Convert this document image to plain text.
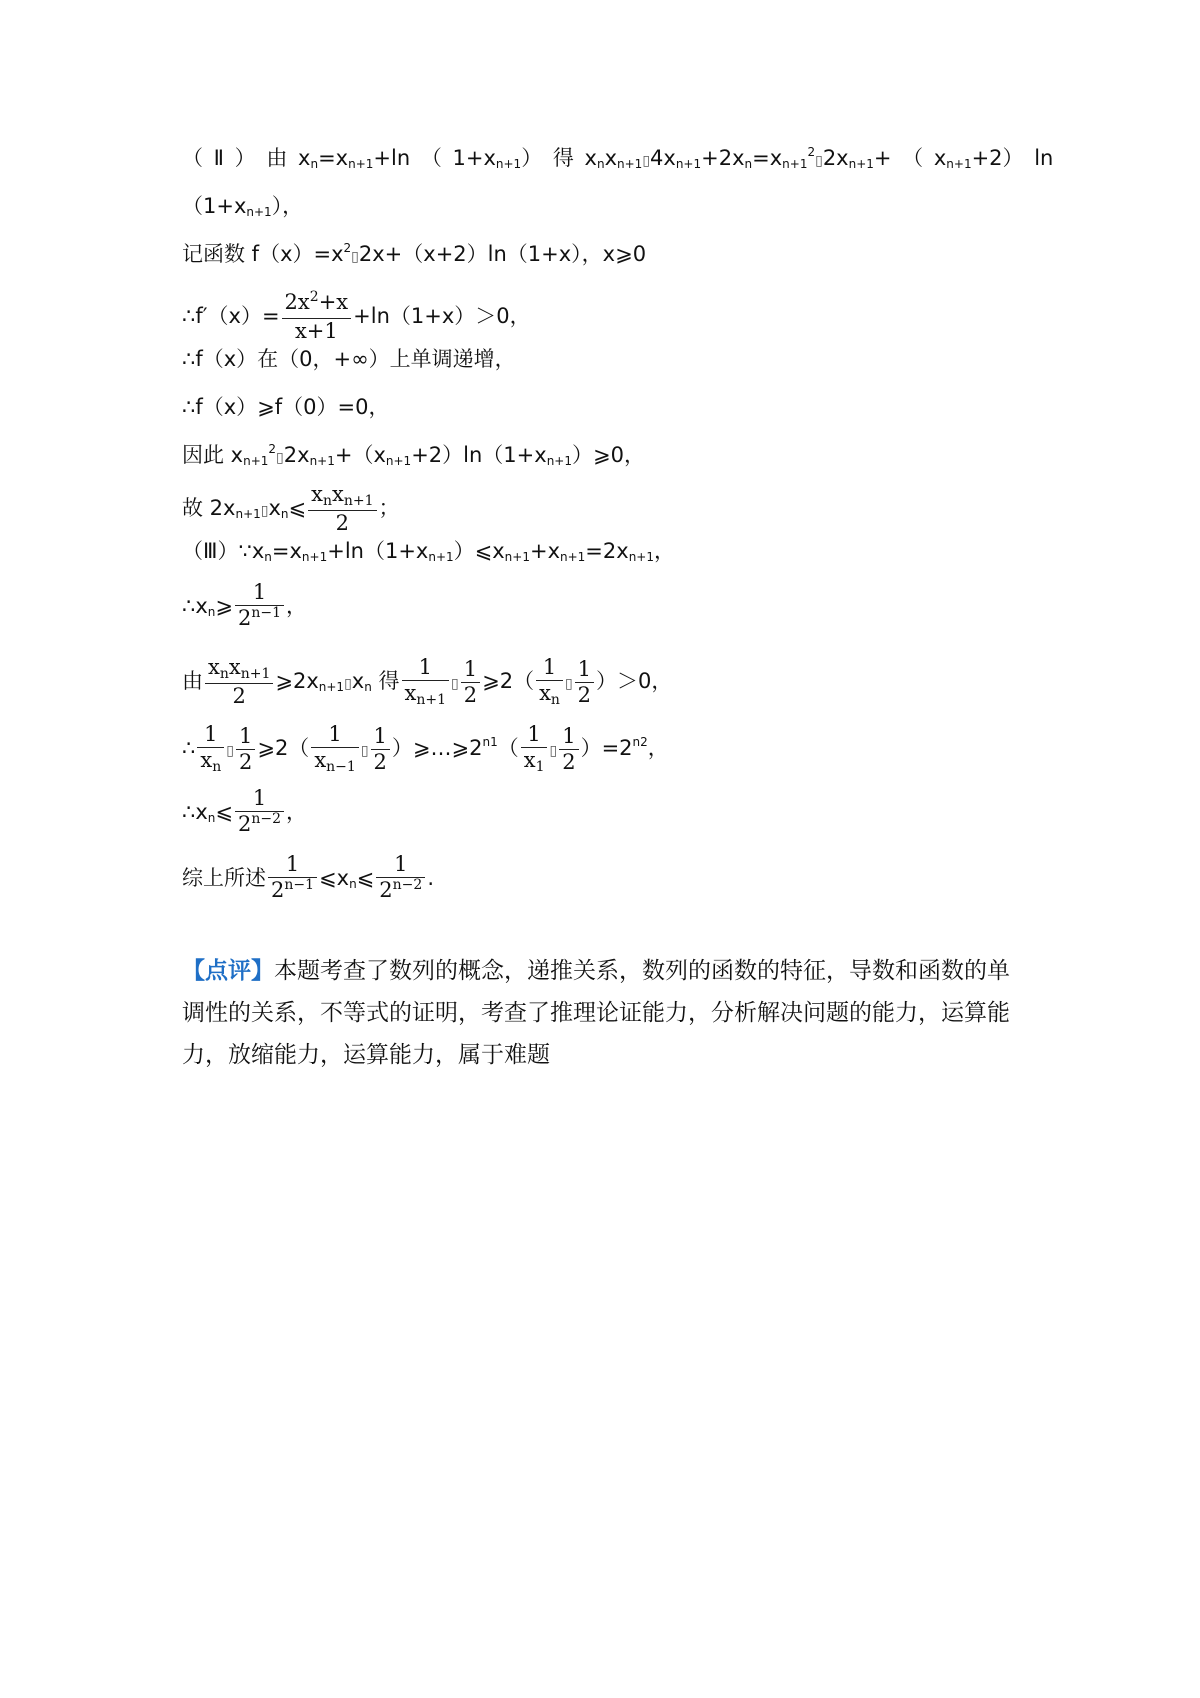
（ Ⅱ ） 由 $x_n=x_{n+1}+\ln$ （ $1+x_{n+1}$） 得 $x_nx_{n+1}▯4x_{n+1}+2x_n=x_{n+1}^2▯2x_{n+1}+$ （ $x_{n+1}+2$） ln
$(1+x_{n+1})$，
记函数 $f(x)=x^2▯2x+(x+2)\ln(1+x)$，x⩾0
∴f′（x）= $\frac{2x^2+x}{x+1} +\ln(1+x)>0$，
∴f（x）在（0，+∞）上单调递增，
∴f（x）⩾f（0）=0，
因此 $x_{n+1}^2▯2x_{n+1}+(x_{n+1}+2)\ln(1+x_{n+1})⩾0$，
故 $2x_{n+1}▯x_n⩽ \frac{\text{xnxn+1}}{2}$ ；
$(Ⅲ)\because x_n=x_{n+1}+\ln(1+x_{n+1})⩽x_{n+1}+x_{n+1}=2x_{n+1}$，
$\therefore x_n⩾ \frac{1}{2^{n-1}}$ ，
由 $\frac{\text{xnxn+1}}{2}$ $⩾2x_{n+1}▯x_n$ 得 $\frac{1}{xn+1}$ ▯ $\frac{1}{2}$ ⩾2（ $\frac{1}{xn}$ ▯ $\frac{1}{2} )>0$，
∴ $\frac{1}{xn}$ ▯ $\frac{1}{2}$ ⩾2（ $\frac{1}{xn-1}$ ▯ $\frac{1}{2}$ ）$⩾\dots⩾2^{n1}( \frac{1}{x1}$ ▯ $\frac{1}{2} )=2^{n2}$，
$\therefore x_n⩽ \frac{1}{2^{n-2}}$ ，
综上所述 $\frac{1}{2^{n-1}}$ $⩽x_n⩽ \frac{1}{2^{n-2}}$ .
【点评】本题考查了数列的概念，递推关系，数列的函数的特征，导数和函数的单调性的关系，不等式的证明，考查了推理论证能力，分析解决问题的能力，运算能力，放缩能力，运算能力，属于难题
